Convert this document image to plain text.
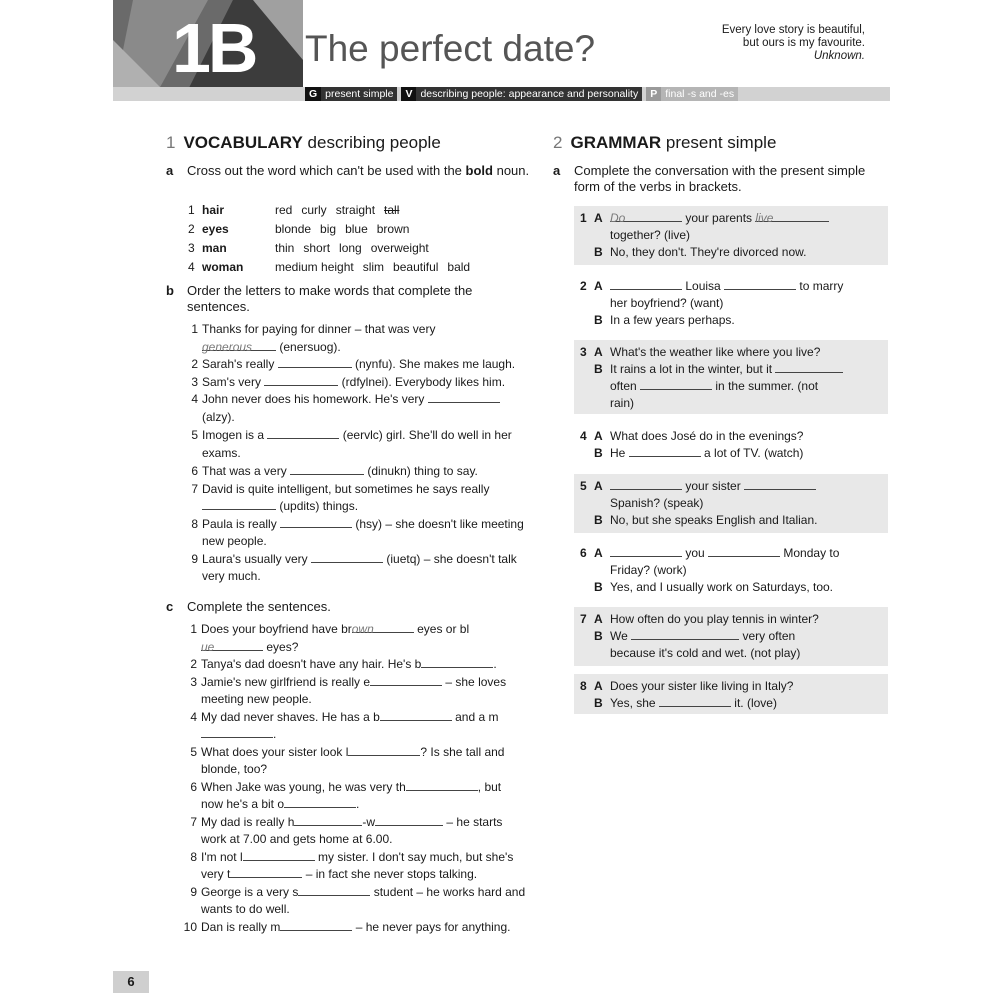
1B The perfect date?	Every love story is beautiful,
but ours is my favourite.
Unknown.
G present simple	V describing people: appearance and personality	P final -s and -es
1 VOCABULARY describing people
a Cross out the word which can't be used with the bold noun.
1 hair	red curly straight tall
2 eyes	blonde big blue brown
3 man	thin short long overweight
4 woman	medium height slim beautiful bald
b Order the letters to make words that complete the sentences.
1 Thanks for paying for dinner – that was very
generous (enersuog).
2 Sarah's really	(nynfu). She makes me laugh.
3 Sam's very	(rdfylnei). Everybody likes him.
4 John never does his homework. He's very
(alzy).
5 Imogen is a	(eervlc) girl. She'll do well in her exams.
6 That was a very	(dinukn) thing to say.
7 David is quite intelligent, but sometimes he says really
(updits) things.
8 Paula is really	(hsy) – she doesn't like meeting new people.
9 Laura's usually very	(iuetq) – she doesn't talk very much.
c Complete the sentences.
1 Does your boyfriend have brown	eyes or blue	eyes?
2 Tanya's dad doesn't have any hair. He's b	.
3 Jamie's new girlfriend is really e	– she loves meeting new people.
4 My dad never shaves. He has a b	and a m.
5 What does your sister look l	? Is she tall and blonde, too?
6 When Jake was young, he was very th	, but now he's a bit o	.
7 My dad is really h	-w	– he starts work at 7.00 and gets home at 6.00.
8 I'm not l	my sister. I don't say much, but she's very t	– in fact she never stops talking.
9 George is a very s	student – he works hard and wants to do well.
10 Dan is really m	– he never pays for anything.
2 GRAMMAR present simple
a Complete the conversation with the present simple form of the verbs in brackets.
1 A Do	your parents live
together? (live)
B No, they don't. They're divorced now.
2 A	Louisa	to marry
her boyfriend? (want)
B In a few years perhaps.
3 A What's the weather like where you live?
B It rains a lot in the winter, but it
often	in the summer. (not
rain)
4 A What does José do in the evenings?
B He	a lot of TV. (watch)
5 A	your sister
Spanish? (speak)
B No, but she speaks English and Italian.
6 A	you	Monday to
Friday? (work)
B Yes, and I usually work on Saturdays, too.
7 A How often do you play tennis in winter?
B We	very often
because it's cold and wet. (not play)
8 A Does your sister like living in Italy?
B Yes, she	it. (love)
6
